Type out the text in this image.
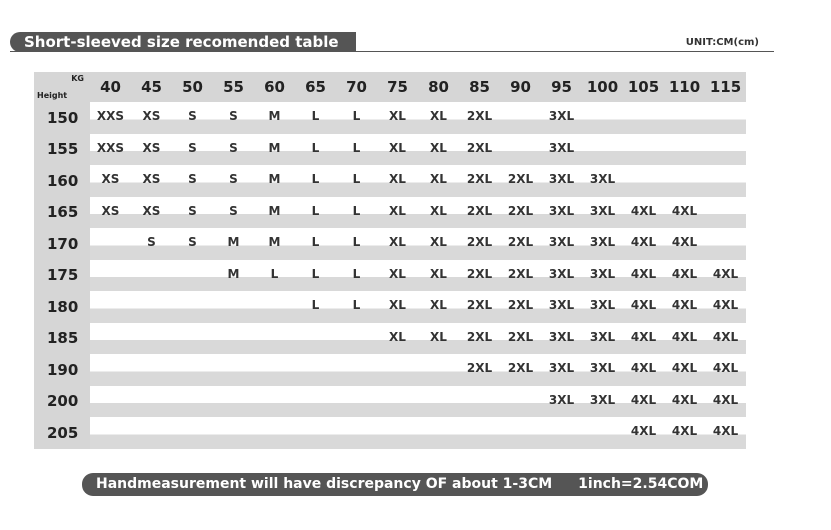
Short-sleeved size recomended table	UNIT:CM(cm)
KG
Height	40	45	50	55	60	65	70	75	80	85	90	95	100	105	110	115
150	XXS	XS	S	S	M	L	L	XL	XL	2XL		3XL				
155	XXS	XS	S	S	M	L	L	XL	XL	2XL		3XL				
160	XS	XS	S	S	M	L	L	XL	XL	2XL	2XL	3XL	3XL			
165	XS	XS	S	S	M	L	L	XL	XL	2XL	2XL	3XL	3XL	4XL	4XL	
170		S	S	M	M	L	L	XL	XL	2XL	2XL	3XL	3XL	4XL	4XL	
175				M	L	L	L	XL	XL	2XL	2XL	3XL	3XL	4XL	4XL	4XL
180						L	L	XL	XL	2XL	2XL	3XL	3XL	4XL	4XL	4XL
185								XL	XL	2XL	2XL	3XL	3XL	4XL	4XL	4XL
190										2XL	2XL	3XL	3XL	4XL	4XL	4XL
200												3XL	3XL	4XL	4XL	4XL
205														4XL	4XL	4XL
Handmeasurement will have discrepancy OF about 1-3CM 1inch=2.54COM
